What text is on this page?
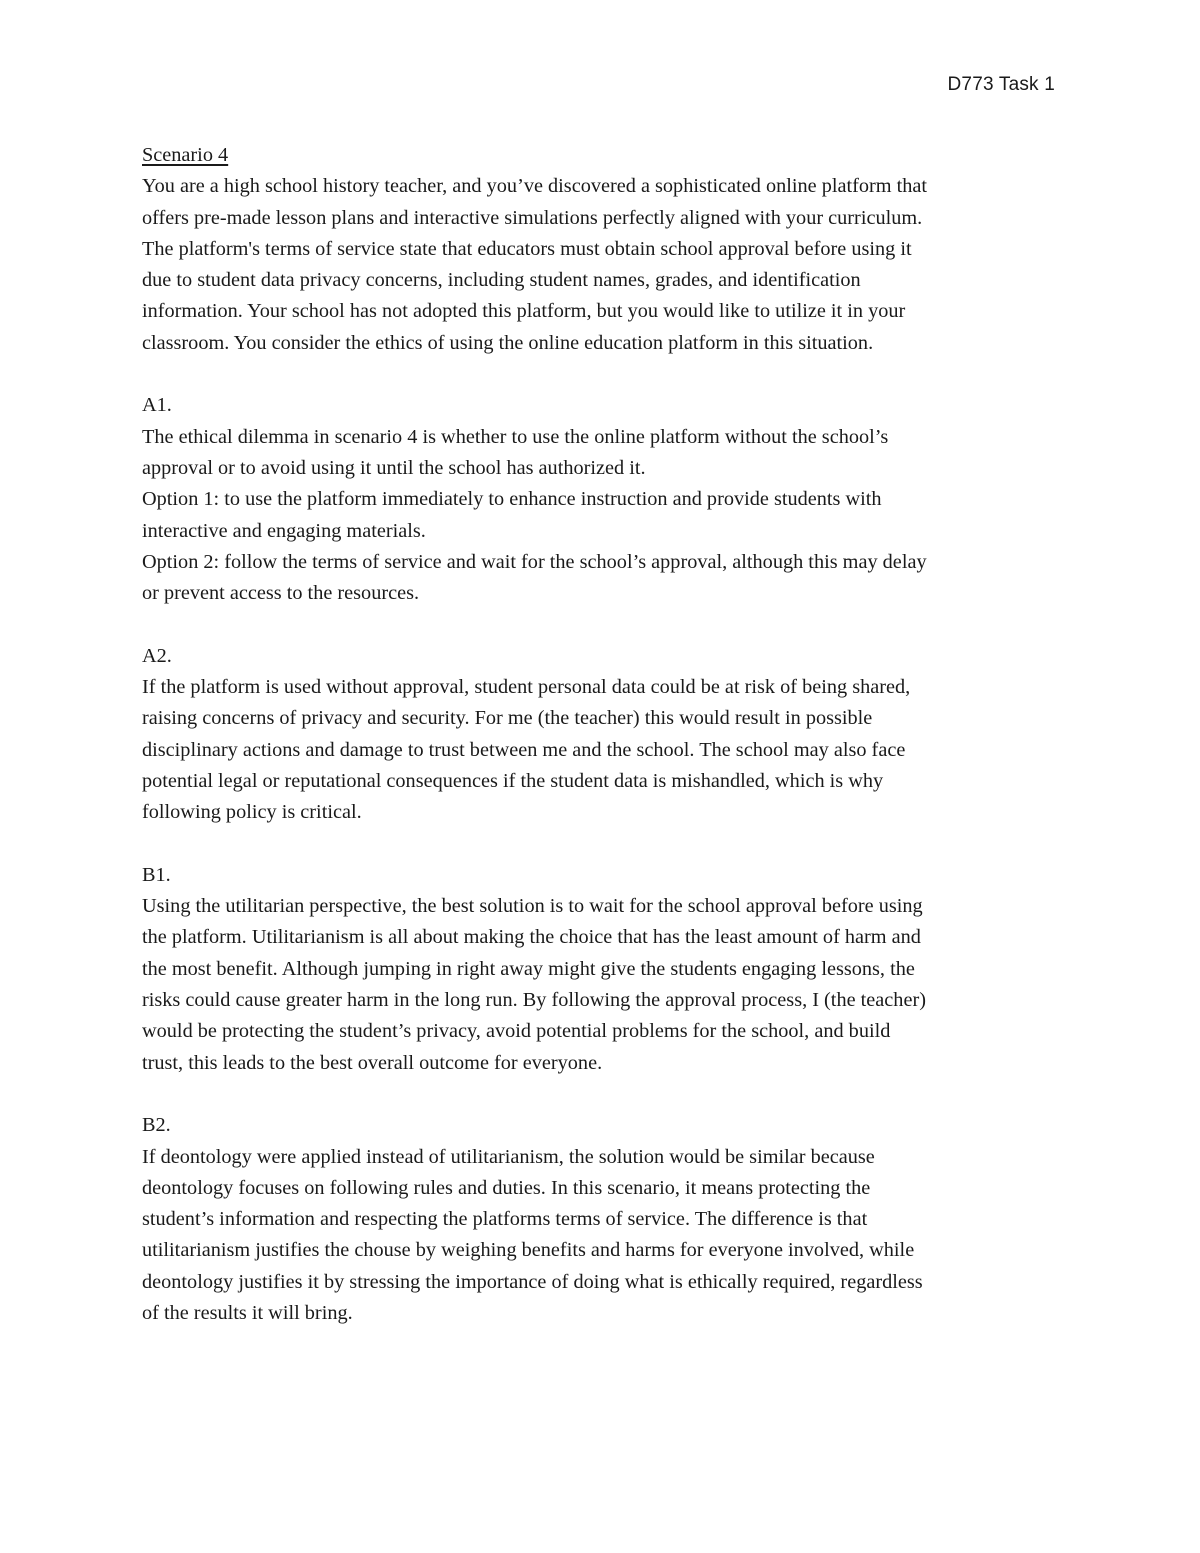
D773 Task 1
Scenario 4
You are a high school history teacher, and you’ve discovered a sophisticated online platform that
offers pre-made lesson plans and interactive simulations perfectly aligned with your curriculum.
The platform's terms of service state that educators must obtain school approval before using it
due to student data privacy concerns, including student names, grades, and identification
information. Your school has not adopted this platform, but you would like to utilize it in your
classroom. You consider the ethics of using the online education platform in this situation.
A1.
The ethical dilemma in scenario 4 is whether to use the online platform without the school’s
approval or to avoid using it until the school has authorized it.
Option 1: to use the platform immediately to enhance instruction and provide students with
interactive and engaging materials.
Option 2: follow the terms of service and wait for the school’s approval, although this may delay
or prevent access to the resources.
A2.
If the platform is used without approval, student personal data could be at risk of being shared,
raising concerns of privacy and security. For me (the teacher) this would result in possible
disciplinary actions and damage to trust between me and the school. The school may also face
potential legal or reputational consequences if the student data is mishandled, which is why
following policy is critical.
B1.
Using the utilitarian perspective, the best solution is to wait for the school approval before using
the platform. Utilitarianism is all about making the choice that has the least amount of harm and
the most benefit. Although jumping in right away might give the students engaging lessons, the
risks could cause greater harm in the long run. By following the approval process, I (the teacher)
would be protecting the student’s privacy, avoid potential problems for the school, and build
trust, this leads to the best overall outcome for everyone.
B2.
If deontology were applied instead of utilitarianism, the solution would be similar because
deontology focuses on following rules and duties. In this scenario, it means protecting the
student’s information and respecting the platforms terms of service. The difference is that
utilitarianism justifies the chouse by weighing benefits and harms for everyone involved, while
deontology justifies it by stressing the importance of doing what is ethically required, regardless
of the results it will bring.
